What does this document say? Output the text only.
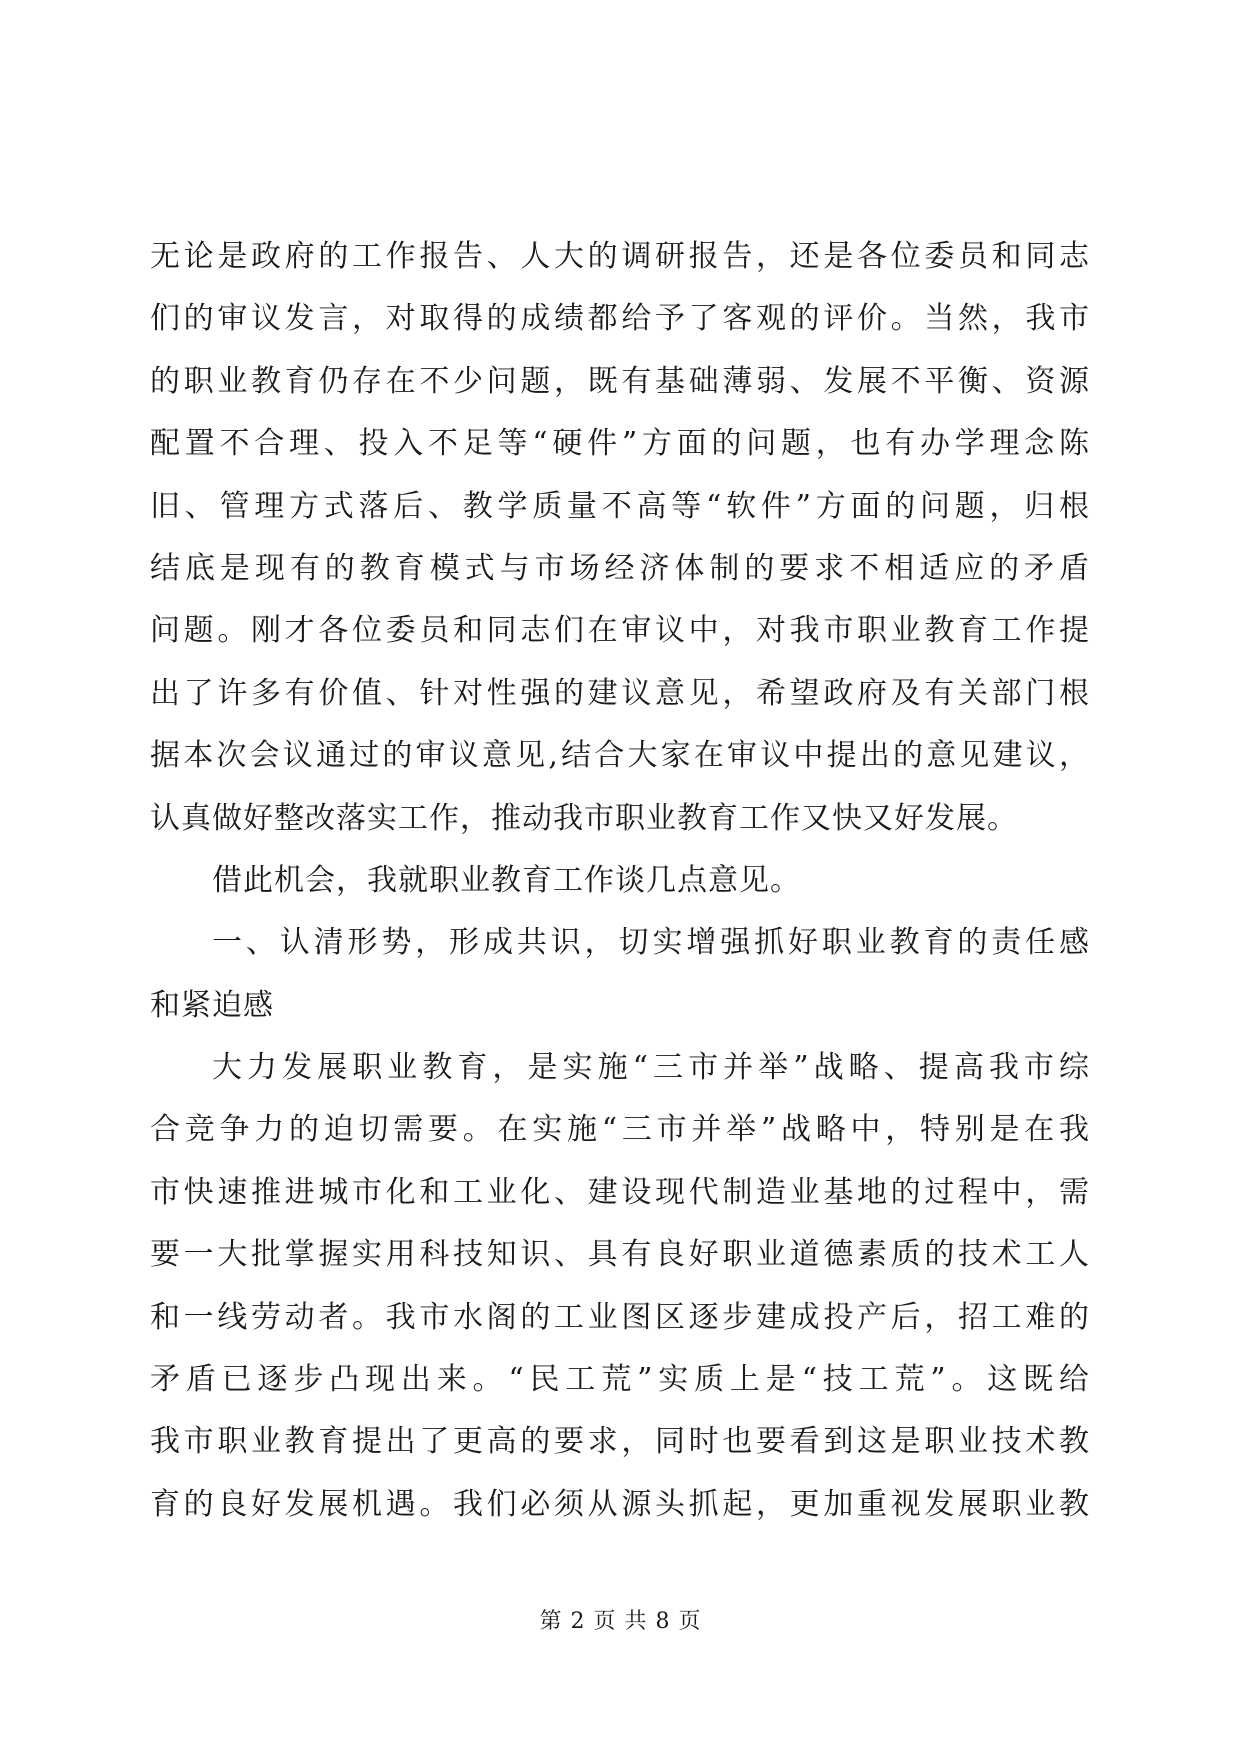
无论是政府的工作报告、人大的调研报告，还是各位委员和同志
们的审议发言，对取得的成绩都给予了客观的评价。当然，我市
的职业教育仍存在不少问题，既有基础薄弱、发展不平衡、资源
配置不合理、投入不足等“硬件”方面的问题，也有办学理念陈
旧、管理方式落后、教学质量不高等“软件”方面的问题，归根
结底是现有的教育模式与市场经济体制的要求不相适应的矛盾
问题。刚才各位委员和同志们在审议中，对我市职业教育工作提
出了许多有价值、针对性强的建议意见，希望政府及有关部门根
据本次会议通过的审议意见,结合大家在审议中提出的意见建议，
认真做好整改落实工作，推动我市职业教育工作又快又好发展。
借此机会，我就职业教育工作谈几点意见。
一、认清形势，形成共识，切实增强抓好职业教育的责任感
和紧迫感
大力发展职业教育，是实施“三市并举”战略、提高我市综
合竞争力的迫切需要。在实施“三市并举”战略中，特别是在我
市快速推进城市化和工业化、建设现代制造业基地的过程中，需
要一大批掌握实用科技知识、具有良好职业道德素质的技术工人
和一线劳动者。我市水阁的工业图区逐步建成投产后，招工难的
矛盾已逐步凸现出来。“民工荒”实质上是“技工荒”。这既给
我市职业教育提出了更高的要求，同时也要看到这是职业技术教
育的良好发展机遇。我们必须从源头抓起，更加重视发展职业教
第 2 页 共 8 页
